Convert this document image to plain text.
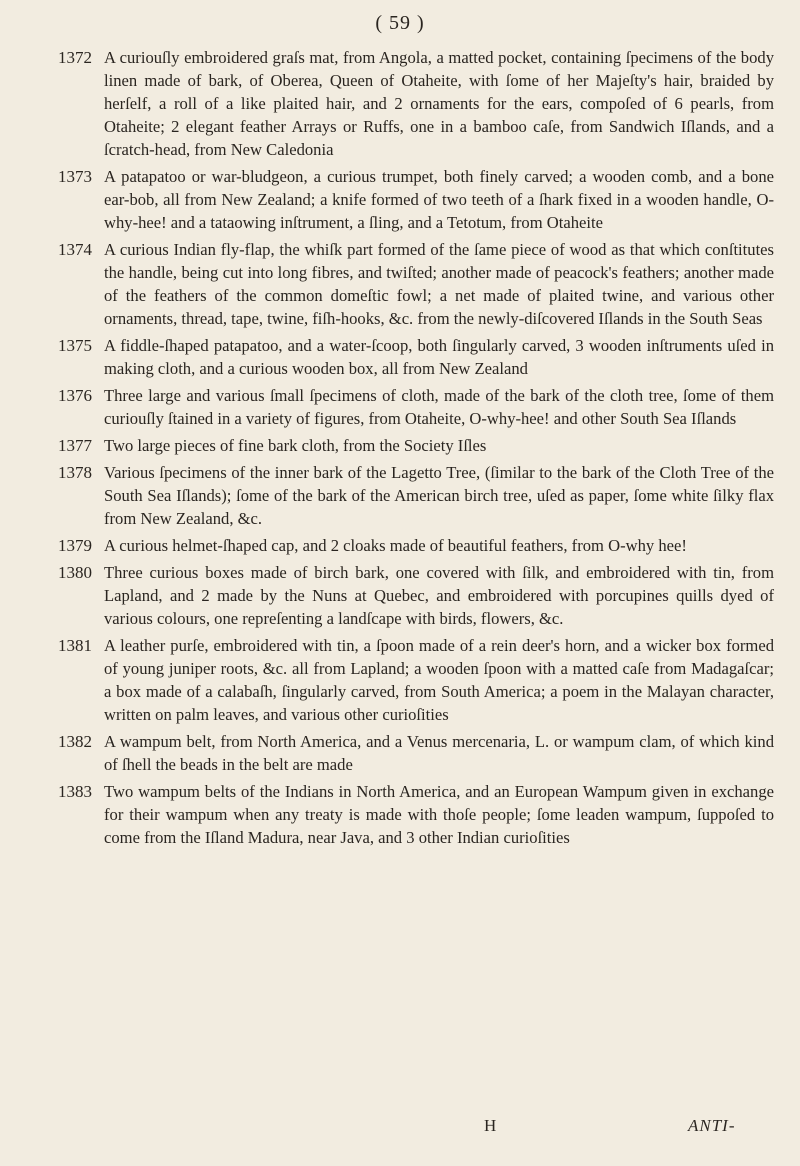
( 59 )
1372 A curiouſly embroidered graſs mat, from Angola, a matted pocket, containing ſpecimens of the body linen made of bark, of Oberea, Queen of Otaheite, with ſome of her Majeſty's hair, braided by herſelf, a roll of a like plaited hair, and 2 ornaments for the ears, compoſed of 6 pearls, from Otaheite; 2 elegant feather Arrays or Ruffs, one in a bamboo caſe, from Sandwich Iſlands, and a ſcratch-head, from New Caledonia
1373 A patapatoo or war-bludgeon, a curious trumpet, both finely carved; a wooden comb, and a bone ear-bob, all from New Zealand; a knife formed of two teeth of a ſhark fixed in a wooden handle, O-why-hee! and a tataowing inſtrument, a ſling, and a Tetotum, from Otaheite
1374 A curious Indian fly-flap, the whiſk part formed of the ſame piece of wood as that which conſtitutes the handle, being cut into long fibres, and twiſted; another made of peacock's feathers; another made of the feathers of the common domeſtic fowl; a net made of plaited twine, and various other ornaments, thread, tape, twine, fiſh-hooks, &c. from the newly-diſcovered Iſlands in the South Seas
1375 A fiddle-ſhaped patapatoo, and a water-ſcoop, both ſingularly carved, 3 wooden inſtruments uſed in making cloth, and a curious wooden box, all from New Zealand
1376 Three large and various ſmall ſpecimens of cloth, made of the bark of the cloth tree, ſome of them curiouſly ſtained in a variety of figures, from Otaheite, O-why-hee! and other South Sea Iſlands
1377 Two large pieces of fine bark cloth, from the Society Iſles
1378 Various ſpecimens of the inner bark of the Lagetto Tree, (ſimilar to the bark of the Cloth Tree of the South Sea Iſlands); ſome of the bark of the American birch tree, uſed as paper, ſome white ſilky flax from New Zealand, &c.
1379 A curious helmet-ſhaped cap, and 2 cloaks made of beautiful feathers, from O-why hee!
1380 Three curious boxes made of birch bark, one covered with ſilk, and embroidered with tin, from Lapland, and 2 made by the Nuns at Quebec, and embroidered with porcupines quills dyed of various colours, one repreſenting a landſcape with birds, flowers, &c.
1381 A leather purſe, embroidered with tin, a ſpoon made of a rein deer's horn, and a wicker box formed of young juniper roots, &c. all from Lapland; a wooden ſpoon with a matted caſe from Madagaſcar; a box made of a calabaſh, ſingularly carved, from South America; a poem in the Malayan character, written on palm leaves, and various other curioſities
1382 A wampum belt, from North America, and a Venus mercenaria, L. or wampum clam, of which kind of ſhell the beads in the belt are made
1383 Two wampum belts of the Indians in North America, and an European Wampum given in exchange for their wampum when any treaty is made with thoſe people; ſome leaden wampum, ſuppoſed to come from the Iſland Madura, near Java, and 3 other Indian curioſities
H	ANTI-
